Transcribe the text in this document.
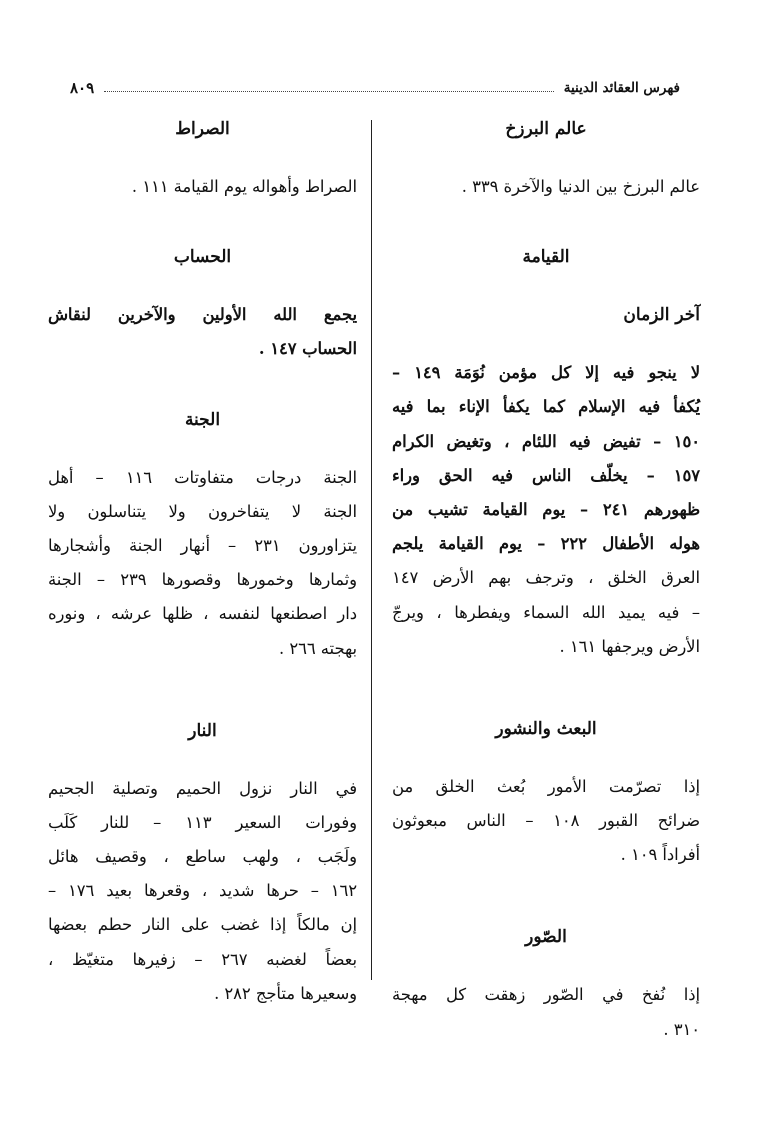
فهرس العقائد الدينية
٨٠٩
عالم البرزخ
عالم البرزخ بين الدنيا والآخرة ٣٣٩ .
القيامة
آخر الزمان
لا ينجو فيه إلا كل مؤمن نُوَمَة ١٤٩ –
يُكفأ فيه الإسلام كما يكفأ الإناء بما فيه
١٥٠ – تفيض فيه اللئام ، وتغيض الكرام
١٥٧ – يخلّف الناس فيه الحق وراء
ظهورهم ٢٤١ – يوم القيامة تشيب من
هوله الأطفال ٢٢٢ – يوم القيامة يلجم
العرق الخلق ، وترجف بهم الأرض ١٤٧
– فيه يميد الله السماء ويفطرها ، ويرجّ
الأرض ويرجفها ١٦١ .
البعث والنشور
إذا تصرّمت الأمور بُعث الخلق من
ضرائح القبور ١٠٨ – الناس مبعوثون
أفراداً ١٠٩ .
الصّور
إذا نُفخ في الصّور زهقت كل مهجة
٣١٠ .
الصراط
الصراط وأهواله يوم القيامة ١١١ .
الحساب
يجمع الله الأولين والآخرين لنقاش
الحساب ١٤٧ .
الجنة
الجنة درجات متفاوتات ١١٦ – أهل
الجنة لا يتفاخرون ولا يتناسلون ولا
يتزاورون ٢٣١ – أنهار الجنة وأشجارها
وثمارها وخمورها وقصورها ٢٣٩ – الجنة
دار اصطنعها لنفسه ، ظلها عرشه ، ونوره
بهجته ٢٦٦ .
النار
في النار نزول الحميم وتصلية الجحيم
وفورات السعير ١١٣ – للنار كَلَب
ولَجَب ، ولهب ساطع ، وقصيف هائل
١٦٢ – حرها شديد ، وقعرها بعيد ١٧٦ –
إن مالكاً إذا غضب على النار حطم بعضها
بعضاً لغضبه ٢٦٧ – زفيرها متغيّظ ،
وسعيرها متأجج ٢٨٢ .
